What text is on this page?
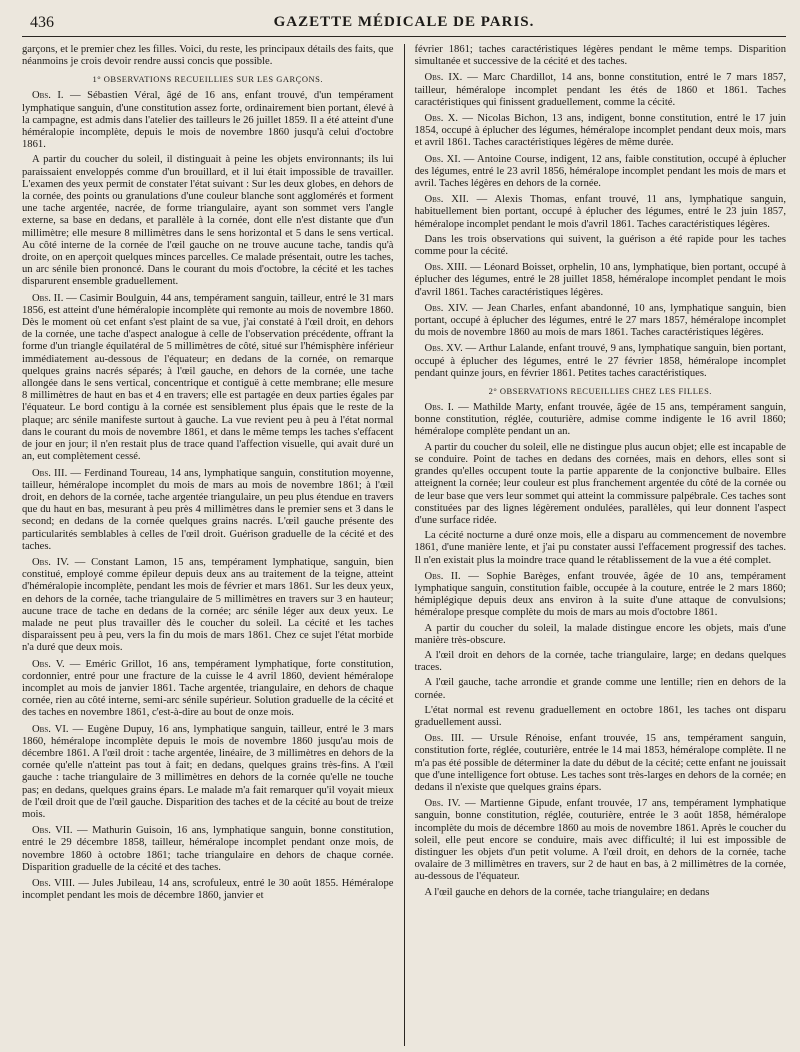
436	GAZETTE MÉDICALE DE PARIS.

garçons, et le premier chez les filles. Voici, du reste, les principaux détails des faits, que néanmoins je crois devoir rendre aussi concis que possible.

1° OBSERVATIONS RECUEILLIES SUR LES GARÇONS.

Obs. I. — Sébastien Véral, âgé de 16 ans, enfant trouvé, d'un tempérament lymphatique sanguin, d'une constitution assez forte, ordinairement bien portant, élevé à la campagne, est admis dans l'atelier des tailleurs le 26 juillet 1859. Il a été atteint d'une héméralopie incomplète, depuis le mois de novembre 1860 jusqu'à celui d'octobre 1861.

A partir du coucher du soleil, il distinguait à peine les objets environnants; ils lui paraissaient enveloppés comme d'un brouillard, et il lui était impossible de travailler. L'examen des yeux permit de constater l'état suivant : Sur les deux globes, en dehors de la cornée, des points ou granulations d'une couleur blanche sont agglomérés et forment une tache argentée, nacrée, de forme triangulaire, ayant son sommet vers l'angle externe, sa base en dedans, et parallèle à la cornée, dont elle n'est distante que d'un millimètre; elle mesure 8 millimètres dans le sens horizontal et 5 dans le sens vertical. Au côté interne de la cornée de l'œil gauche on ne trouve aucune tache, tandis qu'à droite, on en aperçoit quelques minces parcelles. Ce malade présentait, outre les taches, un arc sénile bien prononcé. Dans le courant du mois d'octobre, la cécité et les taches disparurent ensemble graduellement.

Obs. II. — Casimir Boulguin, 44 ans, tempérament sanguin, tailleur, entré le 31 mars 1856, est atteint d'une héméralopie incomplète qui remonte au mois de novembre 1860. Dès le moment où cet enfant s'est plaint de sa vue, j'ai constaté à l'œil droit, en dehors de la cornée, une tache d'aspect analogue à celle de l'observation précédente, offrant la forme d'un triangle équilatéral de 5 millimètres de côté, situé sur l'hémisphère inférieur immédiatement au-dessous de l'équateur; en dedans de la cornée, on remarque quelques grains nacrés séparés; à l'œil gauche, en dehors de la cornée, une tache allongée dans le sens vertical, concentrique et contiguë à cette membrane; elle mesure 8 millimètres de haut en bas et 4 en travers; elle est partagée en deux parties égales par l'équateur. Le bord contigu à la cornée est sensiblement plus épais que le reste de la plaque; arc sénile manifeste surtout à gauche. La vue revient peu à peu à l'état normal dans le courant du mois de novembre 1861, et dans le même temps les taches s'effacent de jour en jour; il n'en restait plus de trace quand l'affection visuelle, qui avait duré un an, eut complètement cessé.

Obs. III. — Ferdinand Toureau, 14 ans, lymphatique sanguin, constitution moyenne, tailleur, héméralope incomplet du mois de mars au mois de novembre 1861; à l'œil droit, en dehors de la cornée, tache argentée triangulaire, un peu plus étendue en travers que du haut en bas, mesurant à peu près 4 millimètres dans le premier sens et 3 dans le second; en dedans de la cornée quelques grains nacrés. L'œil gauche présente des particularités semblables à celles de l'œil droit. Guérison graduelle de la cécité et des taches.

Obs. IV. — Constant Lamon, 15 ans, tempérament lymphatique, sanguin, bien constitué, employé comme épileur depuis deux ans au traitement de la teigne, atteint d'héméralopie incomplète, pendant les mois de février et mars 1861. Sur les deux yeux, en dehors de la cornée, tache triangulaire de 5 millimètres en travers sur 3 en hauteur; aucune trace de tache en dedans de la cornée; arc sénile léger aux deux yeux. Le malade ne peut plus travailler dès le coucher du soleil. La cécité et les taches disparaissent peu à peu, vers la fin du mois de mars 1861. Chez ce sujet l'état morbide n'a duré que deux mois.

Obs. V. — Eméric Grillot, 16 ans, tempérament lymphatique, forte constitution, cordonnier, entré pour une fracture de la cuisse le 4 avril 1860, devient héméralope incomplet au mois de janvier 1861. Tache argentée, triangulaire, en dehors de chaque cornée, rien au côté interne, semi-arc sénile supérieur. Solution graduelle de la cécité et des taches en novembre 1861, c'est-à-dire au bout de onze mois.

Obs. VI. — Eugène Dupuy, 16 ans, lymphatique sanguin, tailleur, entré le 3 mars 1860, héméralope incomplète depuis le mois de novembre 1860 jusqu'au mois de décembre 1861. A l'œil droit : tache argentée, linéaire, de 3 millimètres en dehors de la cornée qu'elle n'atteint pas tout à fait; en dedans, quelques grains très-fins. A l'œil gauche : tache triangulaire de 3 millimètres en dehors de la cornée qu'elle ne touche pas; en dedans, quelques grains épars. Le malade m'a fait remarquer qu'il voyait mieux de l'œil droit que de l'œil gauche. Disparition des taches et de la cécité au bout de treize mois.

Obs. VII. — Mathurin Guisoin, 16 ans, lymphatique sanguin, bonne constitution, entré le 29 décembre 1858, tailleur, héméralope incomplet pendant onze mois, de novembre 1860 à octobre 1861; tache triangulaire en dehors de chaque cornée. Disparition graduelle de la cécité et des taches.

Obs. VIII. — Jules Jubileau, 14 ans, scrofuleux, entré le 30 août 1855. Héméralope incomplet pendant les mois de décembre 1860, janvier et

février 1861; taches caractéristiques légères pendant le même temps. Disparition simultanée et successive de la cécité et des taches.

Obs. IX. — Marc Chardillot, 14 ans, bonne constitution, entré le 7 mars 1857, tailleur, héméralope incomplet pendant les étés de 1860 et 1861. Taches caractéristiques qui finissent graduellement, comme la cécité.

Obs. X. — Nicolas Bichon, 13 ans, indigent, bonne constitution, entré le 17 juin 1854, occupé à éplucher des légumes, héméralope incomplet pendant deux mois, mars et avril 1861. Taches caractéristiques légères de même durée.

Obs. XI. — Antoine Course, indigent, 12 ans, faible constitution, occupé à éplucher des légumes, entré le 23 avril 1856, héméralope incomplet pendant les mois de mars et avril. Taches légères en dehors de la cornée.

Obs. XII. — Alexis Thomas, enfant trouvé, 11 ans, lymphatique sanguin, habituellement bien portant, occupé à éplucher des légumes, entré le 23 juin 1857, héméralope incomplet pendant le mois d'avril 1861. Taches caractéristiques légères.

Dans les trois observations qui suivent, la guérison a été rapide pour les taches comme pour la cécité.

Obs. XIII. — Léonard Boisset, orphelin, 10 ans, lymphatique, bien portant, occupé à éplucher des légumes, entré le 28 juillet 1858, héméralope incomplet pendant le mois d'avril 1861. Taches caractéristiques légères.

Obs. XIV. — Jean Charles, enfant abandonné, 10 ans, lymphatique sanguin, bien portant, occupé à éplucher des légumes, entré le 27 mars 1857, héméralope incomplet du mois de novembre 1860 au mois de mars 1861. Taches caractéristiques légères.

Obs. XV. — Arthur Lalande, enfant trouvé, 9 ans, lymphatique sanguin, bien portant, occupé à éplucher des légumes, entré le 27 février 1858, héméralope incomplet pendant quinze jours, en février 1861. Petites taches caractéristiques.

2° OBSERVATIONS RECUEILLIES CHEZ LES FILLES.

Obs. I. — Mathilde Marty, enfant trouvée, âgée de 15 ans, tempérament sanguin, bonne constitution, réglée, couturière, admise comme indigente le 16 avril 1860; héméralope complète pendant un an.

A partir du coucher du soleil, elle ne distingue plus aucun objet; elle est incapable de se conduire. Point de taches en dedans des cornées, mais en dehors, elles sont si grandes qu'elles occupent toute la partie apparente de la conjonctive bulbaire. Elles atteignent la cornée; leur couleur est plus franchement argentée du côté de la cornée ou de leur base que vers leur sommet qui atteint la commissure palpébrale. Ces taches sont constituées par des lignes légèrement ondulées, parallèles, qui leur donnent l'aspect d'une surface ridée.

La cécité nocturne a duré onze mois, elle a disparu au commencement de novembre 1861, d'une manière lente, et j'ai pu constater aussi l'effacement progressif des taches. Il n'en existait plus la moindre trace quand le rétablissement de la vue a été complet.

Obs. II. — Sophie Barèges, enfant trouvée, âgée de 10 ans, tempérament lymphatique sanguin, constitution faible, occupée à la couture, entrée le 2 mars 1860; hémiplégique depuis deux ans environ à la suite d'une attaque de convulsions; héméralope presque complète du mois de mars au mois d'octobre 1861.

A partir du coucher du soleil, la malade distingue encore les objets, mais d'une manière très-obscure.

A l'œil droit en dehors de la cornée, tache triangulaire, large; en dedans quelques traces.

A l'œil gauche, tache arrondie et grande comme une lentille; rien en dehors de la cornée.

L'état normal est revenu graduellement en octobre 1861, les taches ont disparu graduellement aussi.

Obs. III. — Ursule Rénoise, enfant trouvée, 15 ans, tempérament sanguin, constitution forte, réglée, couturière, entrée le 14 mai 1853, héméralope complète. Il ne m'a pas été possible de déterminer la date du début de la cécité; cette enfant ne jouissait que d'une intelligence fort obtuse. Les taches sont très-larges en dehors de la cornée; en dedans il n'existe que quelques grains épars.

Obs. IV. — Martienne Gipude, enfant trouvée, 17 ans, tempérament lymphatique sanguin, bonne constitution, réglée, couturière, entrée le 3 août 1858, héméralope incomplète du mois de décembre 1860 au mois de novembre 1861. Après le coucher du soleil, elle peut encore se conduire, mais avec difficulté; il lui est impossible de distinguer les objets d'un petit volume. A l'œil droit, en dehors de la cornée, tache ovalaire de 3 millimètres en travers, sur 2 de haut en bas, à 2 millimètres de la cornée, au-dessous de l'équateur.

A l'œil gauche en dehors de la cornée, tache triangulaire; en dedans
